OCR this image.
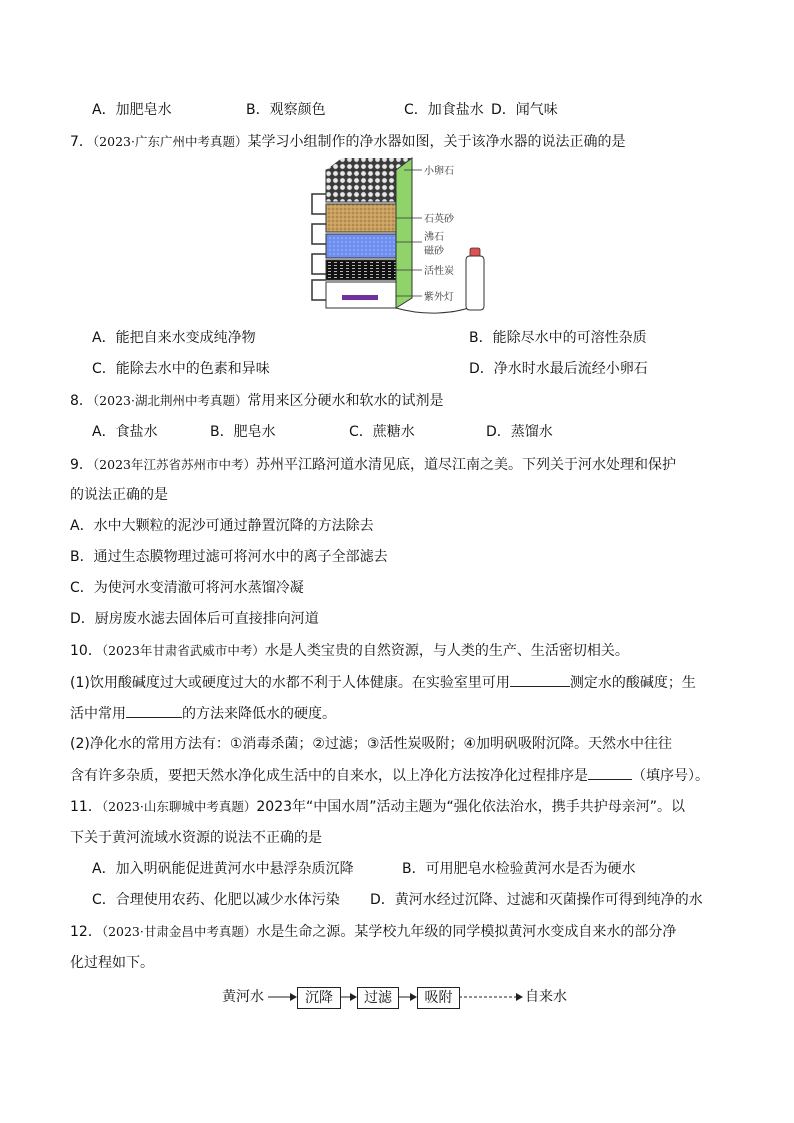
A．加肥皂水	B．观察颜色	C．加食盐水 D．闻气味
7．（2023·广东广州中考真题）某学习小组制作的净水器如图，关于该净水器的说法正确的是
小卵石
石英砂
沸石
磁砂
活性炭
紫外灯
A．能把自来水变成纯净物	B．能除尽水中的可溶性杂质
C．能除去水中的色素和异味	D．净水时水最后流经小卵石
8．（2023·湖北荆州中考真题）常用来区分硬水和软水的试剂是
A．食盐水	B．肥皂水	C．蔗糖水	D．蒸馏水
9．（2023年江苏省苏州市中考）苏州平江路河道水清见底，道尽江南之美。下列关于河水处理和保护
的说法正确的是
A．水中大颗粒的泥沙可通过静置沉降的方法除去
B．通过生态膜物理过滤可将河水中的离子全部滤去
C．为使河水变清澈可将河水蒸馏冷凝
D．厨房废水滤去固体后可直接排向河道
10．（2023年甘肃省武威市中考）水是人类宝贵的自然资源，与人类的生产、生活密切相关。
(1)饮用酸碱度过大或硬度过大的水都不利于人体健康。在实验室里可用	测定水的酸碱度；生
活中常用	的方法来降低水的硬度。
(2)净化水的常用方法有：①消毒杀菌；②过滤；③活性炭吸附；④加明矾吸附沉降。天然水中往往
含有许多杂质，要把天然水净化成生活中的自来水，以上净化方法按净化过程排序是	（填序号）。
11．（2023·山东聊城中考真题）2023年“中国水周”活动主题为“强化依法治水，携手共护母亲河”。以
下关于黄河流域水资源的说法不正确的是
A．加入明矾能促进黄河水中悬浮杂质沉降	B．可用肥皂水检验黄河水是否为硬水
C．合理使用农药、化肥以减少水体污染 D．黄河水经过沉降、过滤和灭菌操作可得到纯净的水
12．（2023·甘肃金昌中考真题）水是生命之源。某学校九年级的同学模拟黄河水变成自来水的部分净
化过程如下。
黄河水	沉降	过滤	吸附	自来水
